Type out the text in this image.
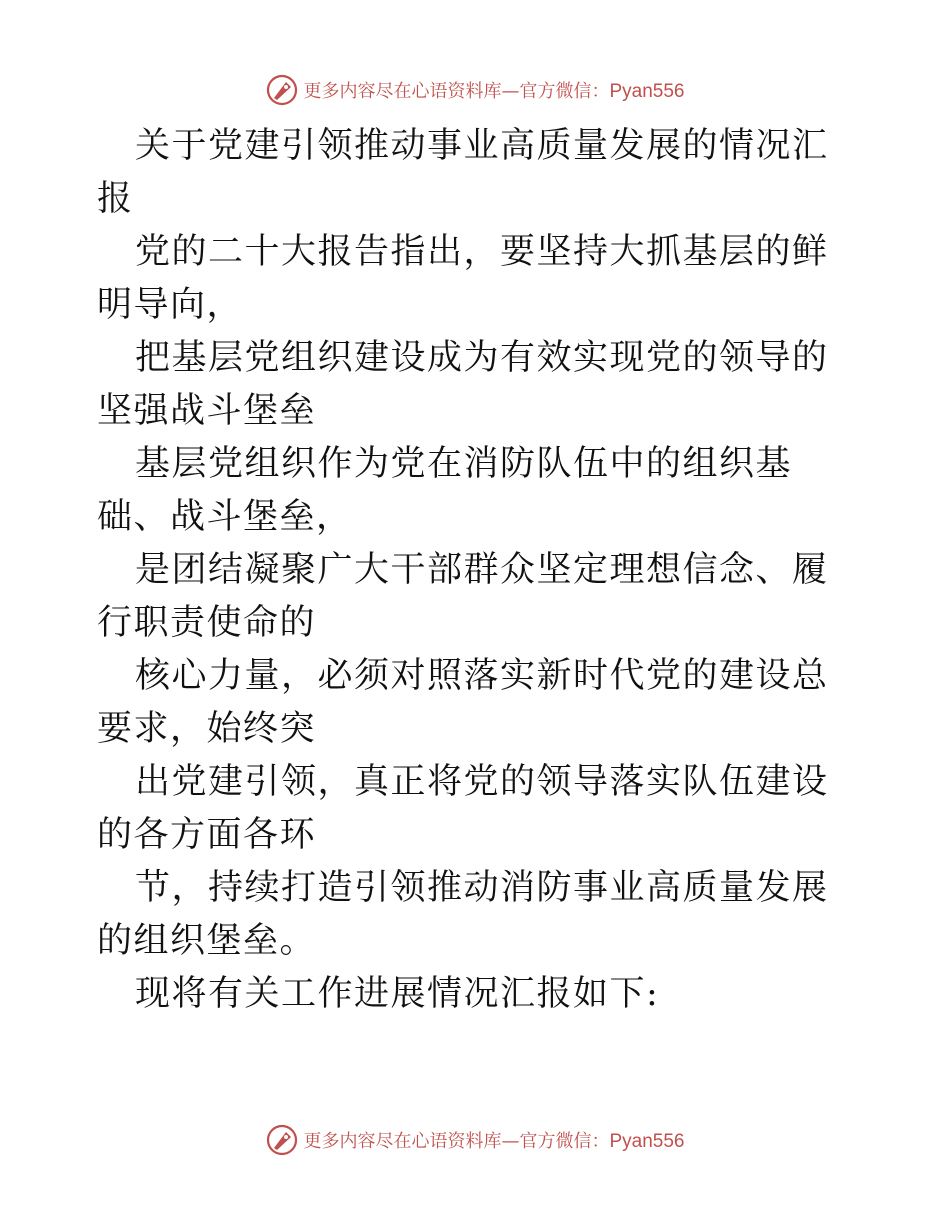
更多内容尽在心语资料库—官方微信：Pyan556

关于党建引领推动事业高质量发展的情况汇报

党的二十大报告指出，要坚持大抓基层的鲜明导向，

把基层党组织建设成为有效实现党的领导的坚强战斗堡垒

基层党组织作为党在消防队伍中的组织基础、战斗堡垒，

是团结凝聚广大干部群众坚定理想信念、履行职责使命的

核心力量，必须对照落实新时代党的建设总要求，始终突

出党建引领，真正将党的领导落实队伍建设的各方面各环

节，持续打造引领推动消防事业高质量发展的组织堡垒。

现将有关工作进展情况汇报如下:

更多内容尽在心语资料库—官方微信：Pyan556
